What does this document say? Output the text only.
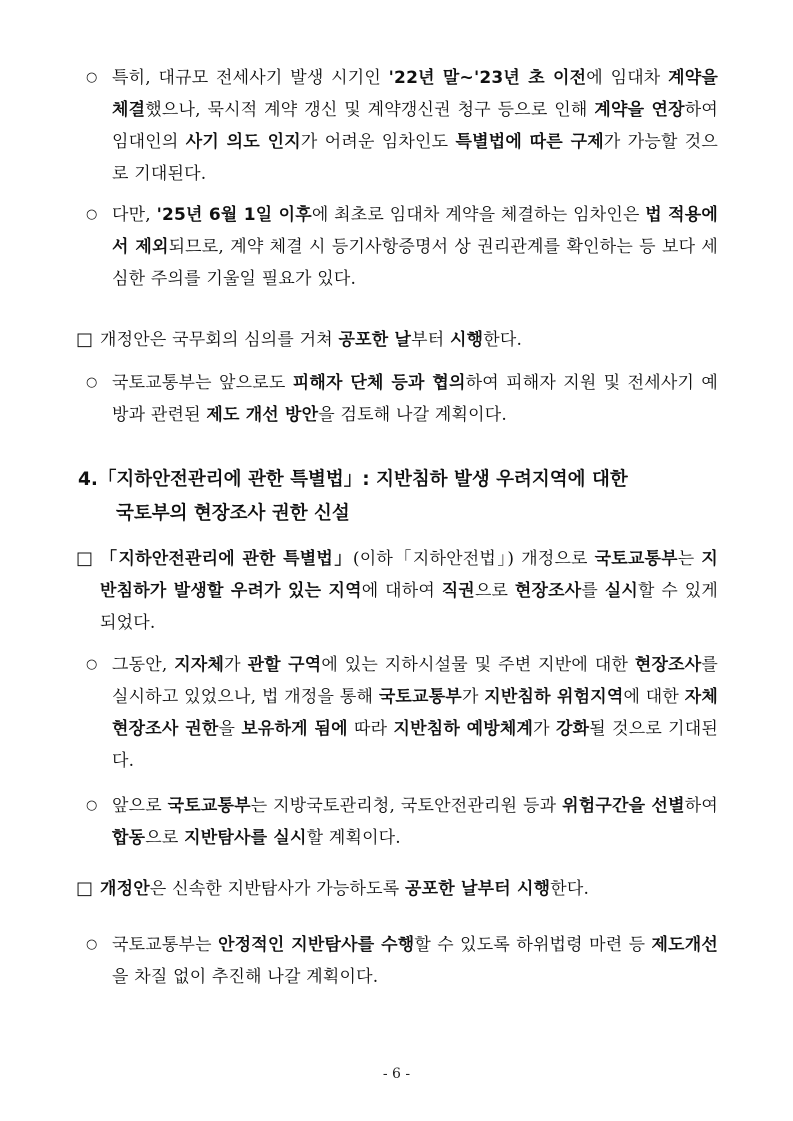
○ 특히, 대규모 전세사기 발생 시기인 '22년 말~'23년 초 이전에 임대차 계약을 체결했으나, 묵시적 계약 갱신 및 계약갱신권 청구 등으로 인해 계약을 연장하여 임대인의 사기 의도 인지가 어려운 임차인도 특별법에 따른 구제가 가능할 것으로 기대된다.
○ 다만, '25년 6월 1일 이후에 최초로 임대차 계약을 체결하는 임차인은 법 적용에서 제외되므로, 계약 체결 시 등기사항증명서 상 권리관계를 확인하는 등 보다 세심한 주의를 기울일 필요가 있다.
□ 개정안은 국무회의 심의를 거쳐 공포한 날부터 시행한다.
○ 국토교통부는 앞으로도 피해자 단체 등과 협의하여 피해자 지원 및 전세사기 예방과 관련된 제도 개선 방안을 검토해 나갈 계획이다.
4.「지하안전관리에 관한 특별법」: 지반침하 발생 우려지역에 대한
국토부의 현장조사 권한 신설
□ 「지하안전관리에 관한 특별법」(이하「지하안전법」) 개정으로 국토교통부는 지반침하가 발생할 우려가 있는 지역에 대하여 직권으로 현장조사를 실시할 수 있게 되었다.
○ 그동안, 지자체가 관할 구역에 있는 지하시설물 및 주변 지반에 대한 현장조사를 실시하고 있었으나, 법 개정을 통해 국토교통부가 지반침하 위험지역에 대한 자체 현장조사 권한을 보유하게 됨에 따라 지반침하 예방체계가 강화될 것으로 기대된다.
○ 앞으로 국토교통부는 지방국토관리청, 국토안전관리원 등과 위험구간을 선별하여 합동으로 지반탐사를 실시할 계획이다.
□ 개정안은 신속한 지반탐사가 가능하도록 공포한 날부터 시행한다.
○ 국토교통부는 안정적인 지반탐사를 수행할 수 있도록 하위법령 마련 등 제도개선을 차질 없이 추진해 나갈 계획이다.
- 6 -
